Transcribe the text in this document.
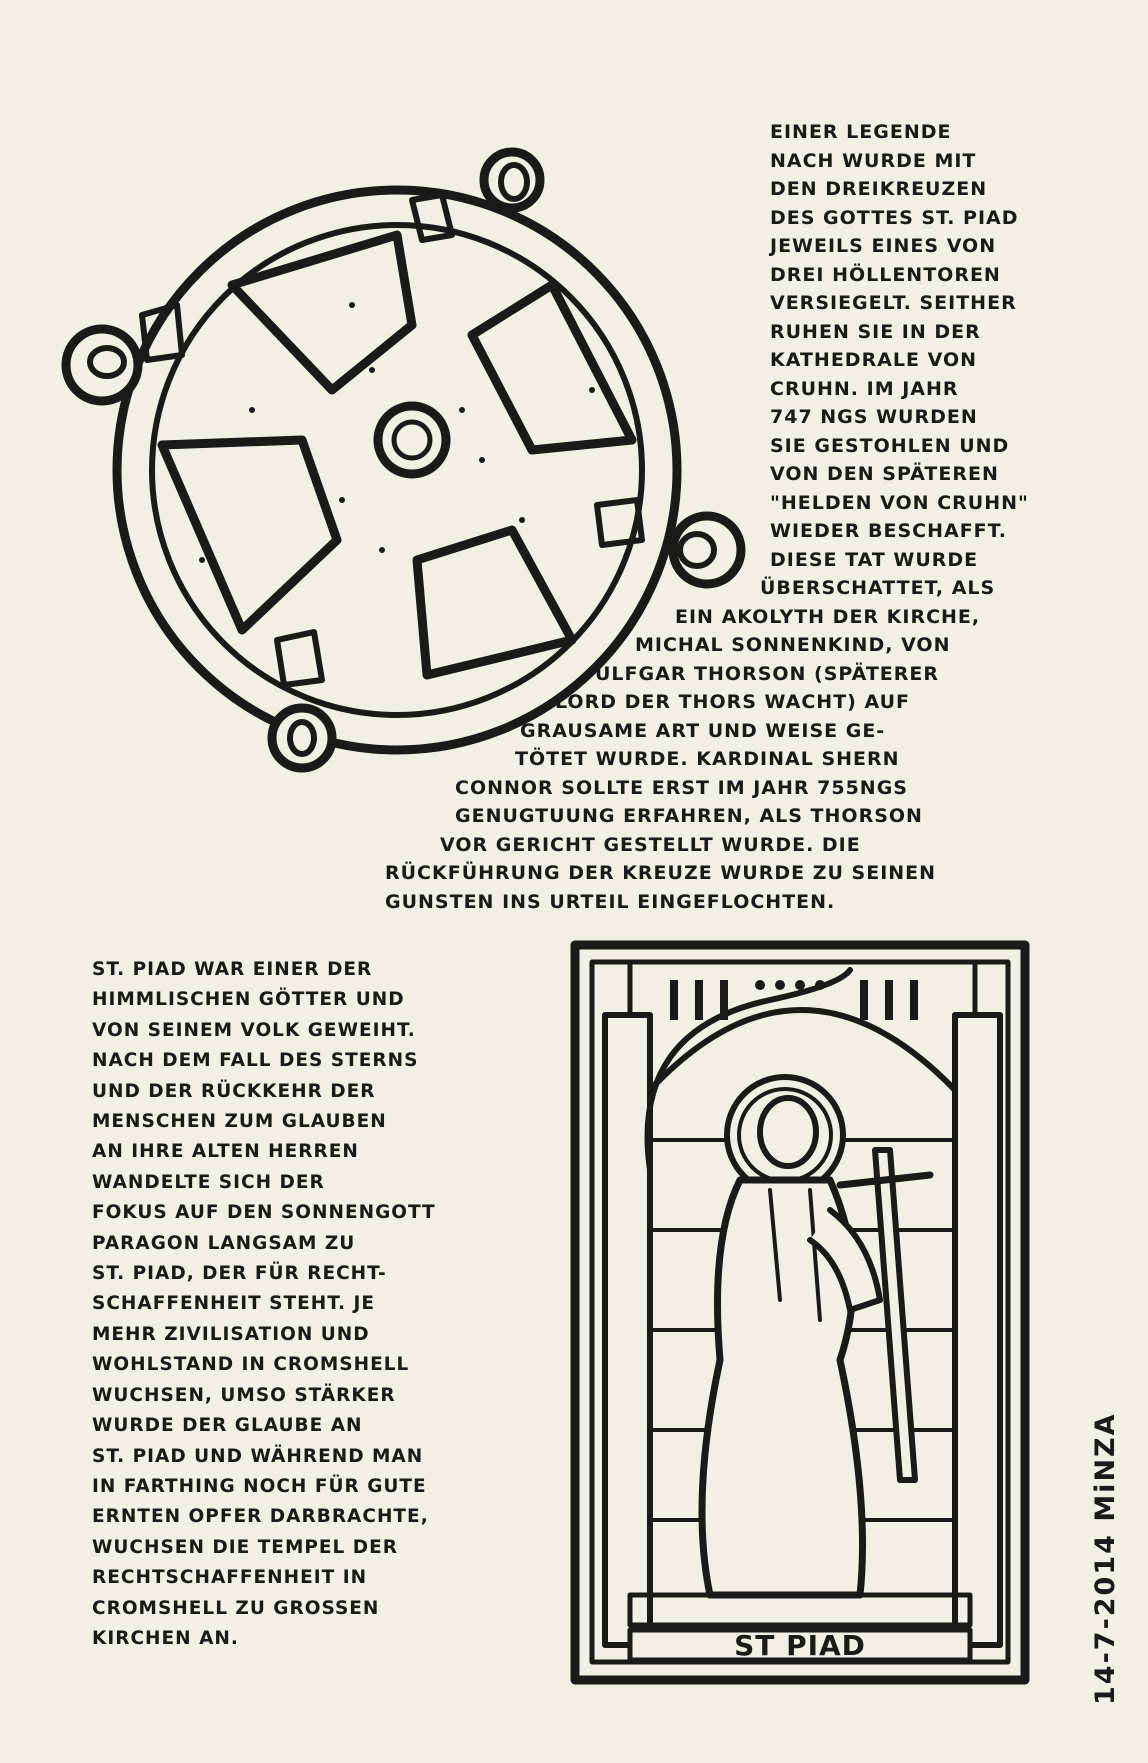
ST PIAD
EINER LEGENDE
NACH WURDE MIT
DEN DREIKREUZEN
DES GOTTES ST. PIAD
JEWEILS EINES VON
DREI HÖLLENTOREN
VERSIEGELT. SEITHER
RUHEN SIE IN DER
KATHEDRALE VON
CRUHN. IM JAHR
747 NGS WURDEN
SIE GESTOHLEN UND
VON DEN SPÄTEREN
"HELDEN VON CRUHN"
WIEDER BESCHAFFT.
DIESE TAT WURDE
ÜBERSCHATTET, ALS
EIN AKOLYTH DER KIRCHE,
MICHAL SONNENKIND, VON
ULFGAR THORSON (SPÄTERER
LORD DER THORS WACHT) AUF
GRAUSAME ART UND WEISE GE-
TÖTET WURDE. KARDINAL SHERN
CONNOR SOLLTE ERST IM JAHR 755NGS
GENUGTUUNG ERFAHREN, ALS THORSON
VOR GERICHT GESTELLT WURDE. DIE
RÜCKFÜHRUNG DER KREUZE WURDE ZU SEINEN
GUNSTEN INS URTEIL EINGEFLOCHTEN.
ST. PIAD WAR EINER DER
HIMMLISCHEN GÖTTER UND
VON SEINEM VOLK GEWEIHT.
NACH DEM FALL DES STERNS
UND DER RÜCKKEHR DER
MENSCHEN ZUM GLAUBEN
AN IHRE ALTEN HERREN
WANDELTE SICH DER
FOKUS AUF DEN SONNENGOTT
PARAGON LANGSAM ZU
ST. PIAD, DER FÜR RECHT-
SCHAFFENHEIT STEHT. JE
MEHR ZIVILISATION UND
WOHLSTAND IN CROMSHELL
WUCHSEN, UMSO STÄRKER
WURDE DER GLAUBE AN
ST. PIAD UND WÄHREND MAN
IN FARTHING NOCH FÜR GUTE
ERNTEN OPFER DARBRACHTE,
WUCHSEN DIE TEMPEL DER
RECHTSCHAFFENHEIT IN
CROMSHELL ZU GROSSEN
KIRCHEN AN.	14-7-2014 MiNZA
